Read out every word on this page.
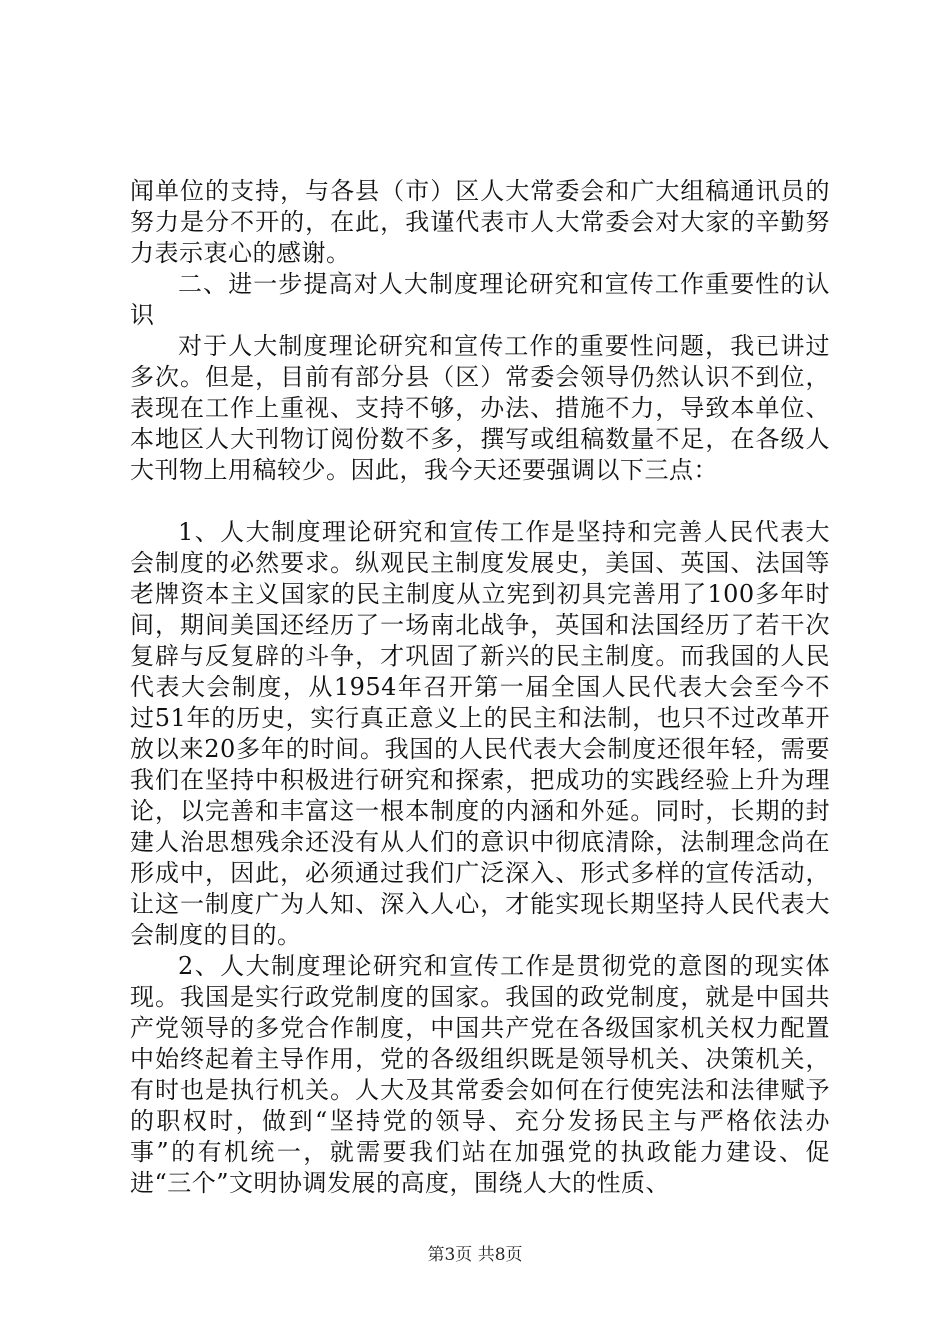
闻单位的支持，与各县（市）区人大常委会和广大组稿通讯员的努力是分不开的，在此，我谨代表市人大常委会对大家的辛勤努力表示衷心的感谢。

二、进一步提高对人大制度理论研究和宣传工作重要性的认识

对于人大制度理论研究和宣传工作的重要性问题，我已讲过多次。但是，目前有部分县（区）常委会领导仍然认识不到位，表现在工作上重视、支持不够，办法、措施不力，导致本单位、本地区人大刊物订阅份数不多，撰写或组稿数量不足，在各级人大刊物上用稿较少。因此，我今天还要强调以下三点：

1、人大制度理论研究和宣传工作是坚持和完善人民代表大会制度的必然要求。纵观民主制度发展史，美国、英国、法国等老牌资本主义国家的民主制度从立宪到初具完善用了100多年时间，期间美国还经历了一场南北战争，英国和法国经历了若干次复辟与反复辟的斗争，才巩固了新兴的民主制度。而我国的人民代表大会制度，从1954年召开第一届全国人民代表大会至今不过51年的历史，实行真正意义上的民主和法制，也只不过改革开放以来20多年的时间。我国的人民代表大会制度还很年轻，需要我们在坚持中积极进行研究和探索，把成功的实践经验上升为理论，以完善和丰富这一根本制度的内涵和外延。同时，长期的封建人治思想残余还没有从人们的意识中彻底清除，法制理念尚在形成中，因此，必须通过我们广泛深入、形式多样的宣传活动，让这一制度广为人知、深入人心，才能实现长期坚持人民代表大会制度的目的。

2、人大制度理论研究和宣传工作是贯彻党的意图的现实体现。我国是实行政党制度的国家。我国的政党制度，就是中国共产党领导的多党合作制度，中国共产党在各级国家机关权力配置中始终起着主导作用，党的各级组织既是领导机关、决策机关，有时也是执行机关。人大及其常委会如何在行使宪法和法律赋予的职权时，做到“坚持党的领导、充分发扬民主与严格依法办事”的有机统一，就需要我们站在加强党的执政能力建设、促进“三个”文明协调发展的高度，围绕人大的性质、

第3页 共8页
